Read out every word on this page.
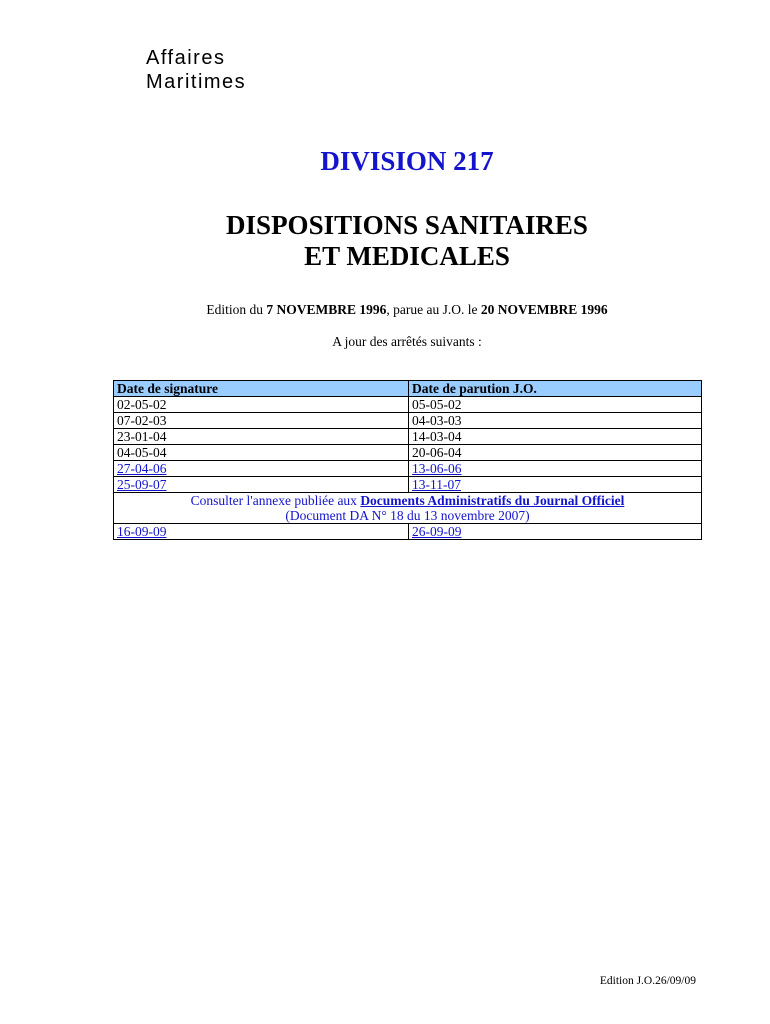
Affaires
Maritimes
DIVISION 217
DISPOSITIONS SANITAIRES
ET MEDICALES
Edition du 7 NOVEMBRE 1996, parue au J.O. le 20 NOVEMBRE 1996
A jour des arrêtés suivants :
Date de signature	Date de parution J.O.
02-05-02	05-05-02
07-02-03	04-03-03
23-01-04	14-03-04
04-05-04	20-06-04
27-04-06	13-06-06
25-09-07	13-11-07
Consulter l'annexe publiée aux Documents Administratifs du Journal Officiel
(Document DA N° 18 du 13 novembre 2007)	
16-09-09	26-09-09
Edition J.O.26/09/09
